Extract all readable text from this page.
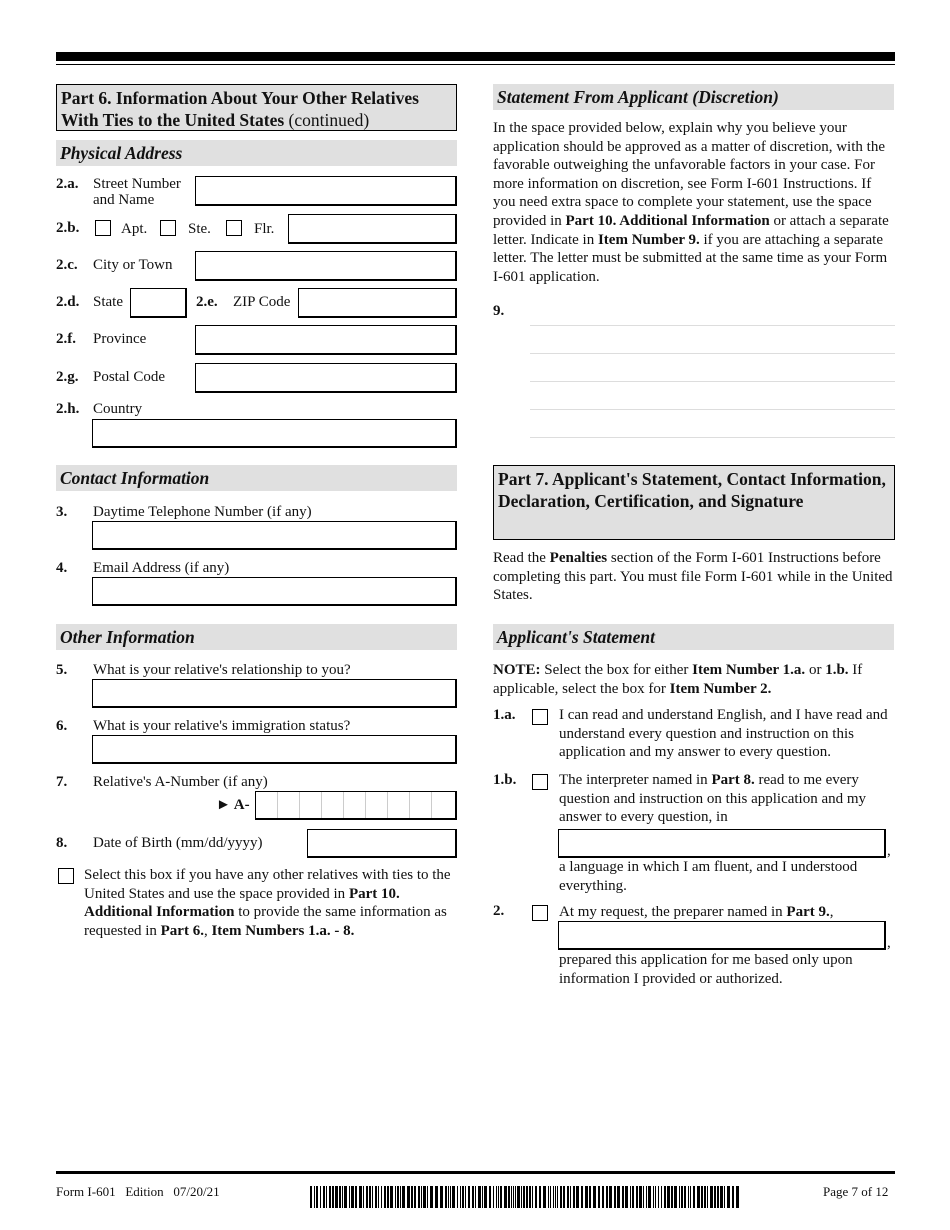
Part 6. Information About Your Other Relatives With Ties to the United States (continued)
Physical Address
2.a. Street Number
and Name
2.b.	Apt.	Ste.	Flr.
2.c. City or Town
2.d. State	2.e. ZIP Code
2.f. Province
2.g. Postal Code
2.h. Country
Contact Information
3. Daytime Telephone Number (if any)
4. Email Address (if any)
Other Information
5. What is your relative's relationship to you?
6. What is your relative's immigration status?
7. Relative's A-Number (if any)
► A-
8. Date of Birth (mm/dd/yyyy)
Select this box if you have any other relatives with ties to the United States and use the space provided in Part 10. Additional Information to provide the same information as requested in Part 6., Item Numbers 1.a. - 8.
Statement From Applicant (Discretion)
In the space provided below, explain why you believe your application should be approved as a matter of discretion, with the favorable outweighing the unfavorable factors in your case. For more information on discretion, see Form I-601 Instructions. If you need extra space to complete your statement, use the space provided in Part 10. Additional Information or attach a separate letter. Indicate in Item Number 9. if you are attaching a separate letter. The letter must be submitted at the same time as your Form I-601 application.
9.
Part 7. Applicant's Statement, Contact Information, Declaration, Certification, and Signature
Read the Penalties section of the Form I-601 Instructions before completing this part. You must file Form I-601 while in the United States.
Applicant's Statement
NOTE: Select the box for either Item Number 1.a. or 1.b. If applicable, select the box for Item Number 2.
1.a.	I can read and understand English, and I have read and understand every question and instruction on this application and my answer to every question.
1.b.	The interpreter named in Part 8. read to me every question and instruction on this application and my answer to every question, in
,
a language in which I am fluent, and I understood everything.
2.	At my request, the preparer named in Part 9.,
,
prepared this application for me based only upon information I provided or authorized.
Form I-601   Edition   07/20/21	Page 7 of 12
